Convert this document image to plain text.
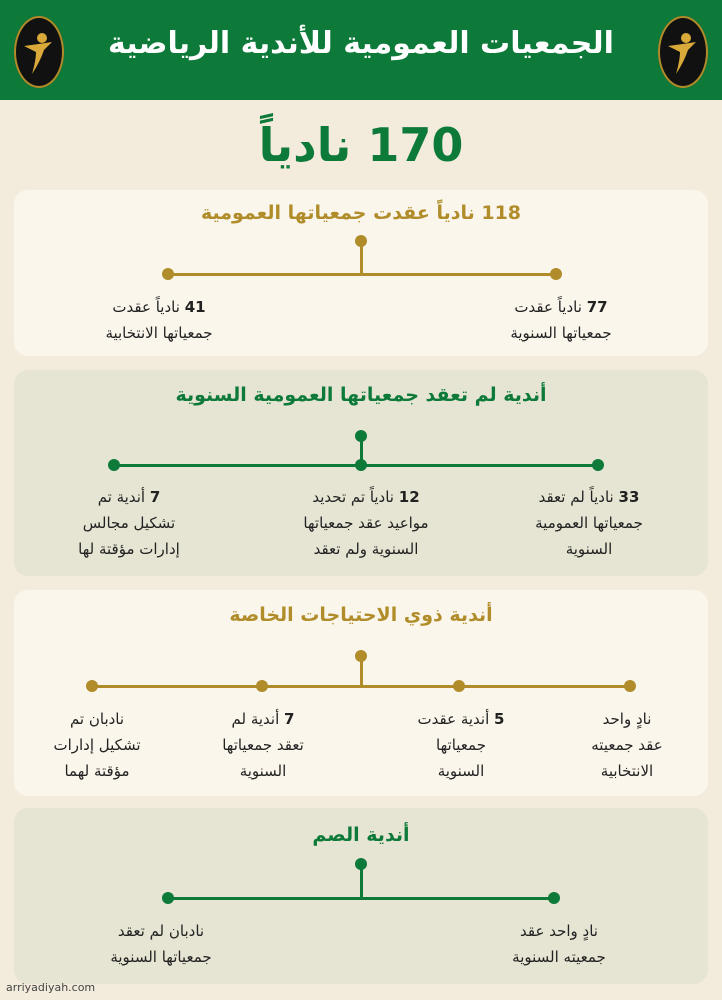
الجمعيات العمومية للأندية الرياضية
170 نادياً
118 نادياً عقدت جمعياتها العمومية
77 نادياً عقدت
جمعياتها السنوية
41 نادياً عقدت
جمعياتها الانتخابية
أندية لم تعقد جمعياتها العمومية السنوية
33 نادياً لم تعقد
جمعياتها العمومية
السنوية
12 نادياً تم تحديد
مواعيد عقد جمعياتها
السنوية ولم تعقد
7 أندية تم
تشكيل مجالس
إدارات مؤقتة لها
أندية ذوي الاحتياجات الخاصة
نادٍ واحد
عقد جمعيته
الانتخابية
5 أندية عقدت
جمعياتها
السنوية
7 أندية لم
تعقد جمعياتها
السنوية
نادبان تم
تشكيل إدارات
مؤقتة لهما
أندية الصم
نادٍ واحد عقد
جمعيته السنوية
نادبان لم تعقد
جمعياتها السنوية
arriyadiyah.com
